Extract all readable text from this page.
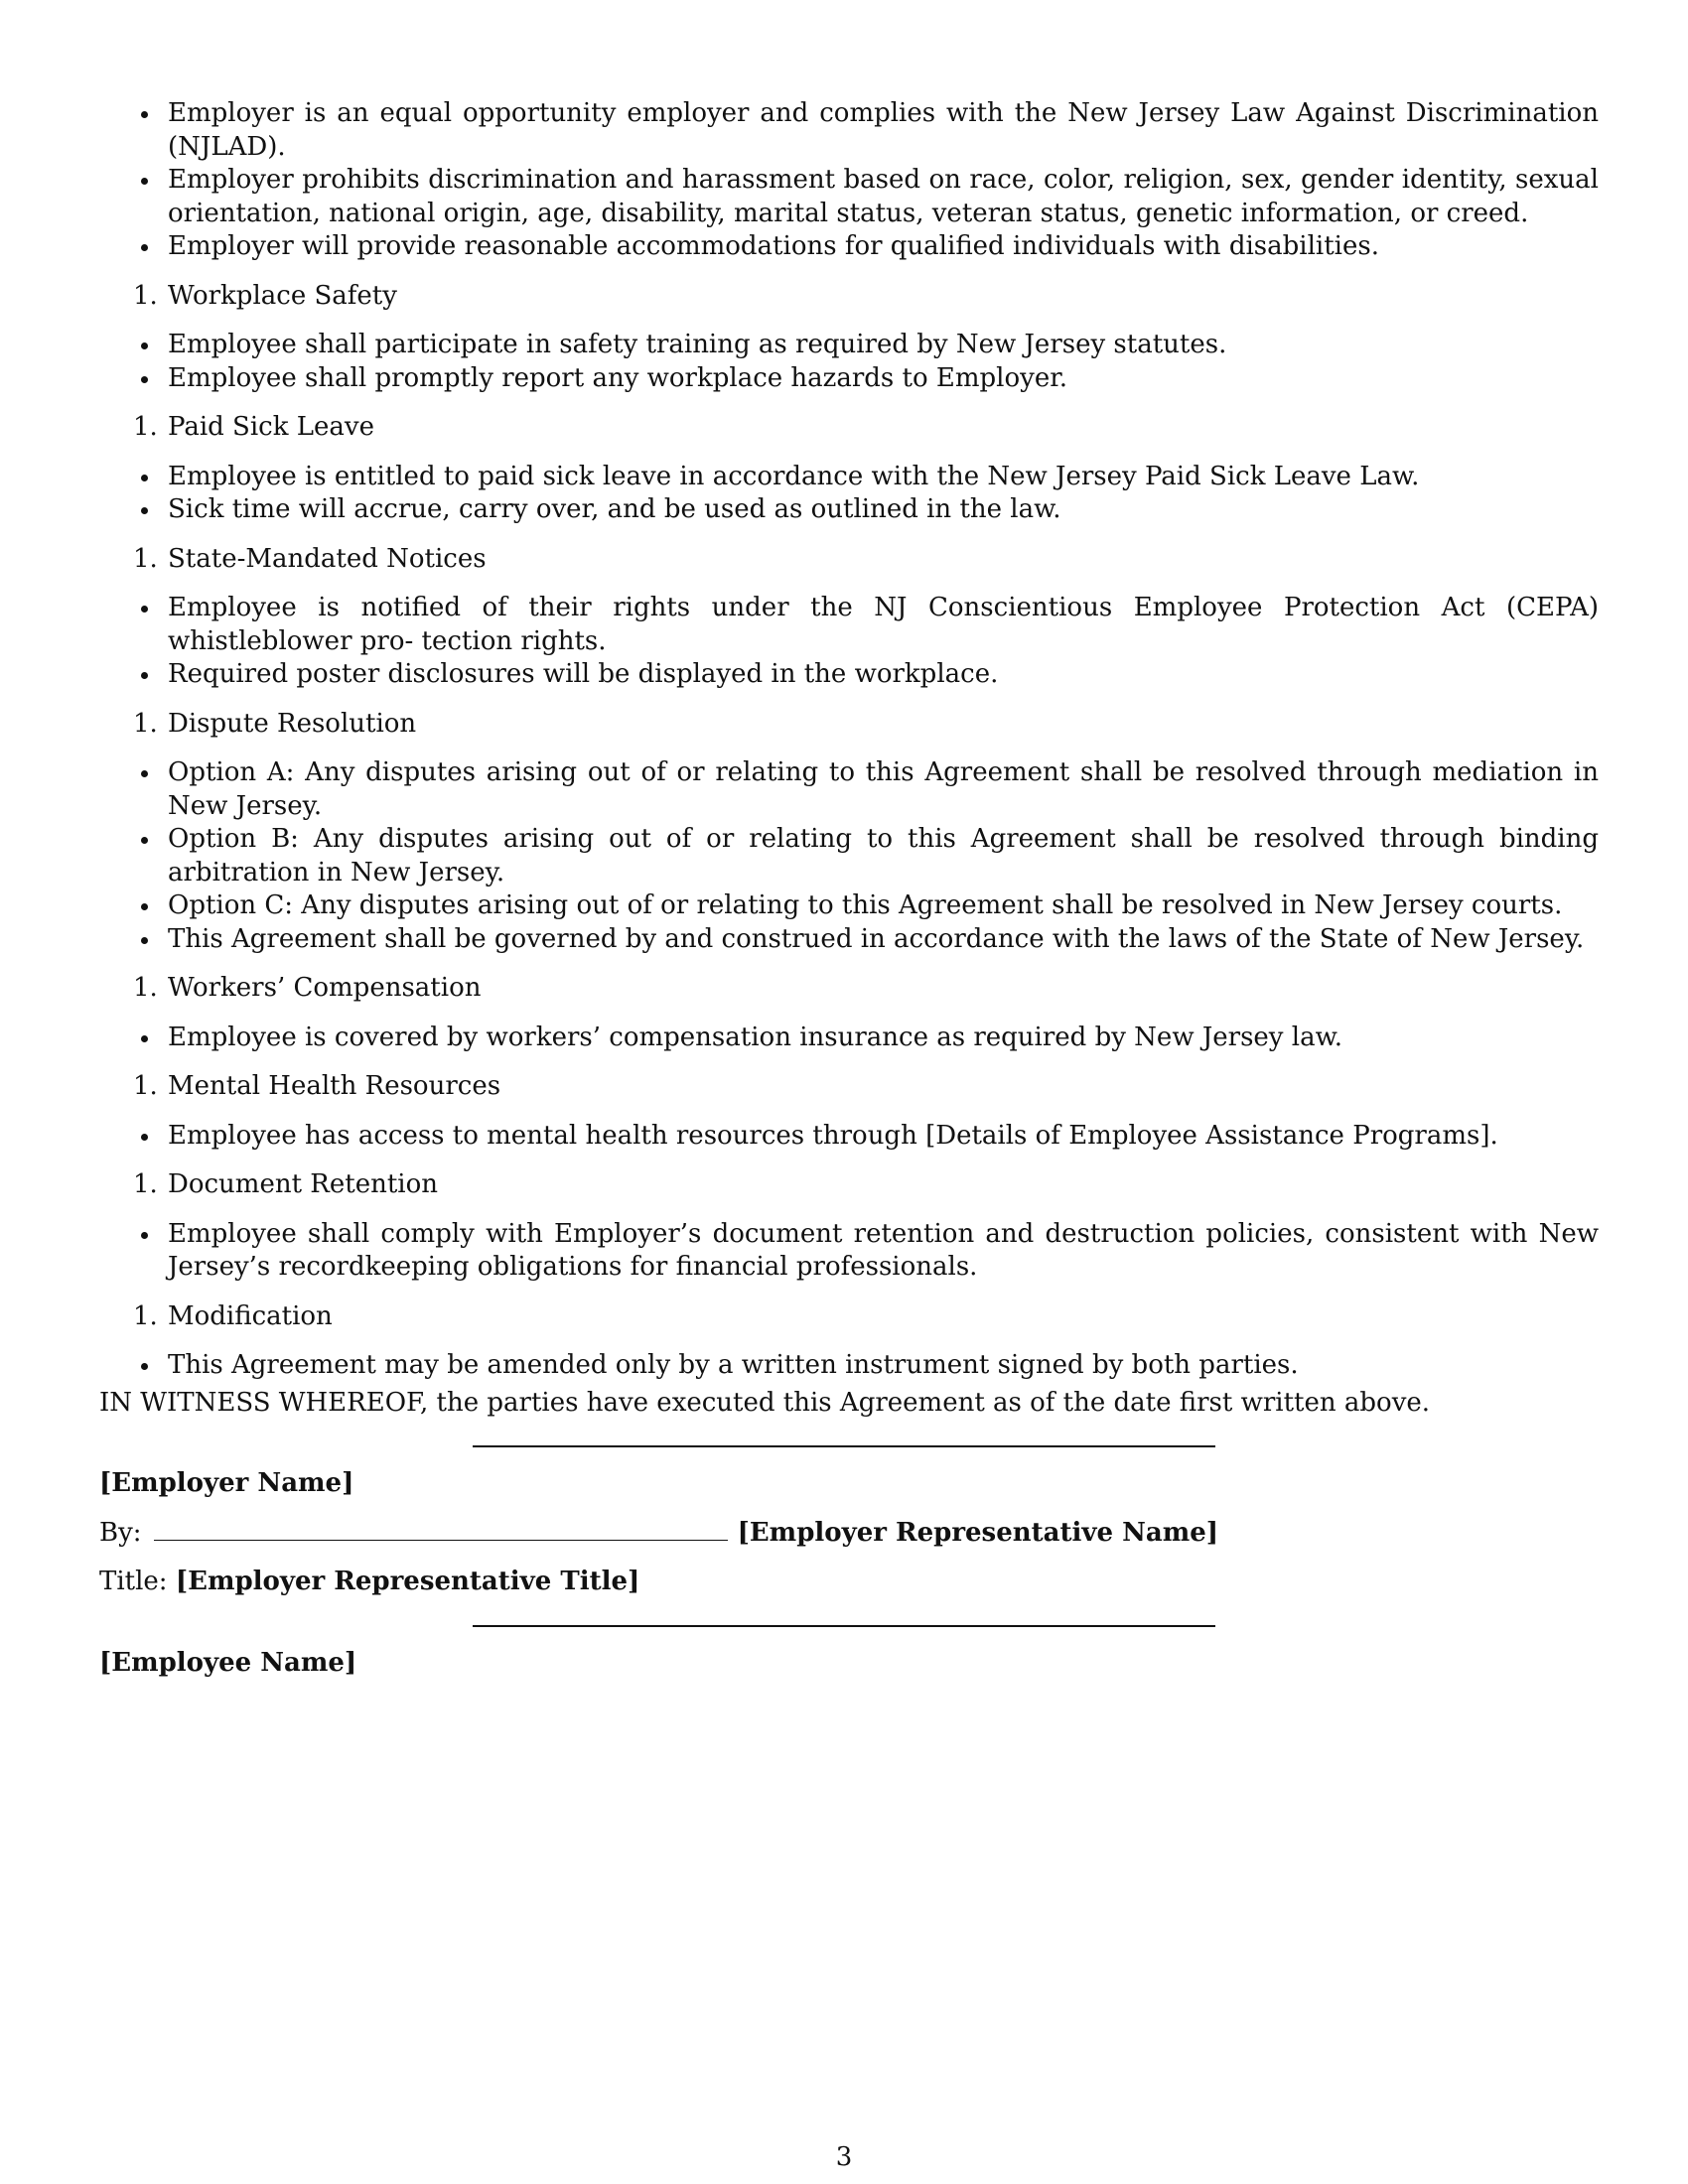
Employer is an equal opportunity employer and complies with the New Jersey Law Against Discrimination (NJLAD).
Employer prohibits discrimination and harassment based on race, color, religion, sex, gender identity, sexual orientation, national origin, age, disability, marital status, veteran status, genetic information, or creed.
Employer will provide reasonable accommodations for qualified individuals with disabilities.
1. Workplace Safety
Employee shall participate in safety training as required by New Jersey statutes.
Employee shall promptly report any workplace hazards to Employer.
1. Paid Sick Leave
Employee is entitled to paid sick leave in accordance with the New Jersey Paid Sick Leave Law.
Sick time will accrue, carry over, and be used as outlined in the law.
1. State-Mandated Notices
Employee is notified of their rights under the NJ Conscientious Employee Protection Act (CEPA) whistleblower pro- tection rights.
Required poster disclosures will be displayed in the workplace.
1. Dispute Resolution
Option A: Any disputes arising out of or relating to this Agreement shall be resolved through mediation in New Jersey.
Option B: Any disputes arising out of or relating to this Agreement shall be resolved through binding arbitration in New Jersey.
Option C: Any disputes arising out of or relating to this Agreement shall be resolved in New Jersey courts.
This Agreement shall be governed by and construed in accordance with the laws of the State of New Jersey.
1. Workers’ Compensation
Employee is covered by workers’ compensation insurance as required by New Jersey law.
1. Mental Health Resources
Employee has access to mental health resources through [Details of Employee Assistance Programs].
1. Document Retention
Employee shall comply with Employer’s document retention and destruction policies, consistent with New Jersey’s recordkeeping obligations for financial professionals.
1. Modification
This Agreement may be amended only by a written instrument signed by both parties.
IN WITNESS WHEREOF, the parties have executed this Agreement as of the date first written above.
[Employer Name]
By:	[Employer Representative Name]
Title: [Employer Representative Title]
[Employee Name]
3
